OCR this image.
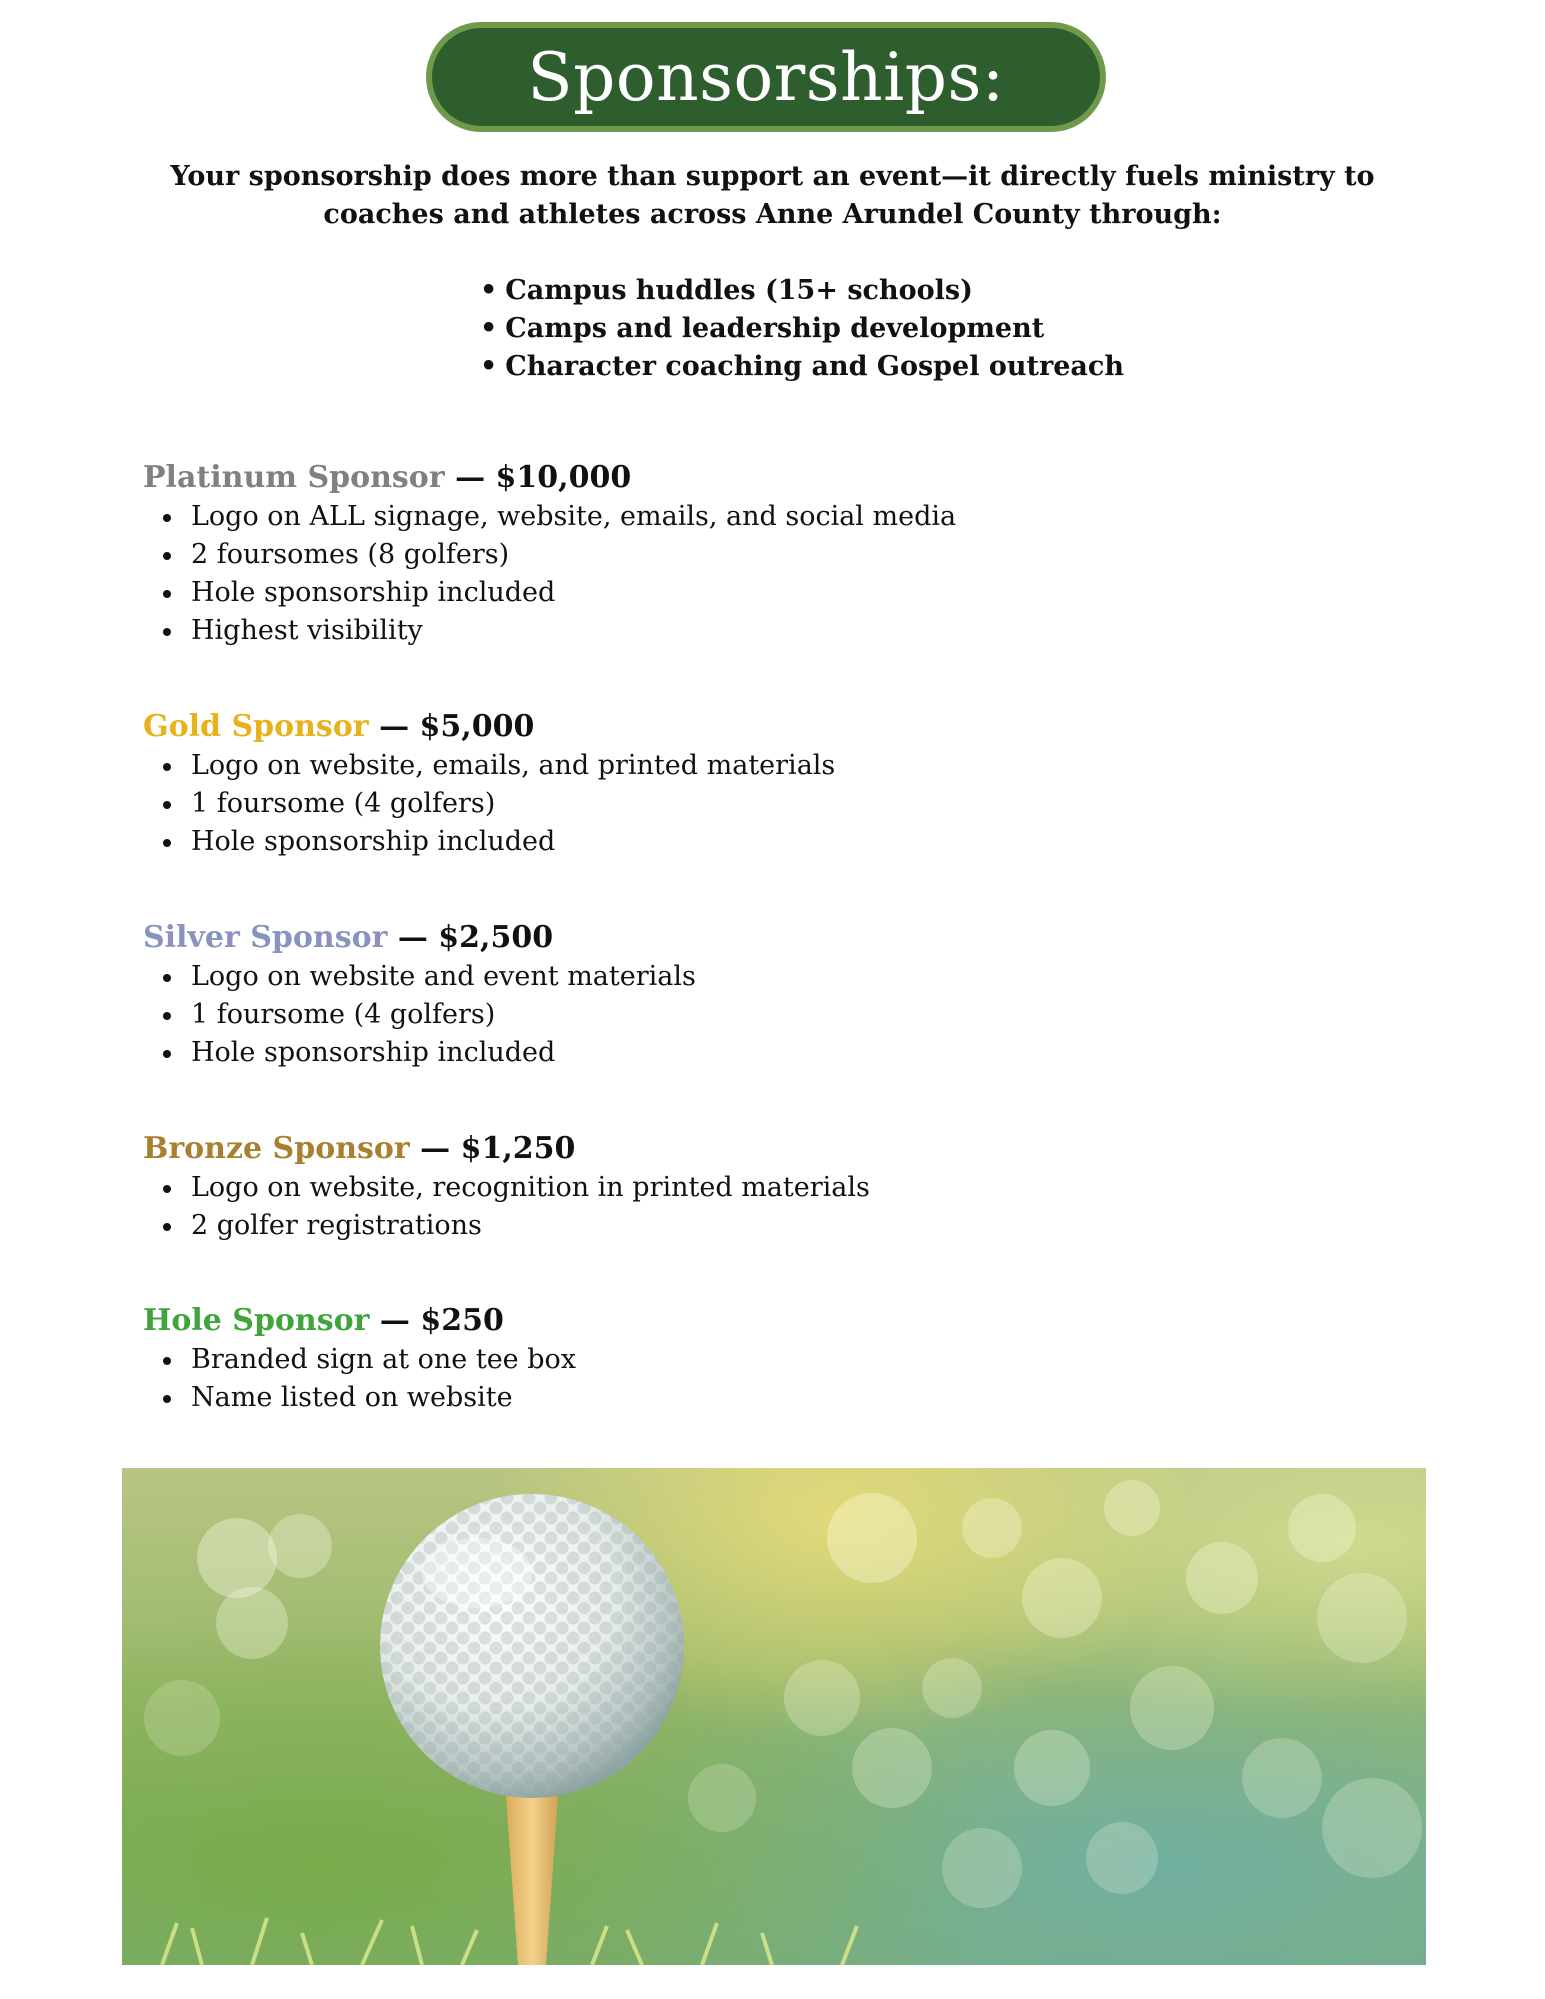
Sponsorships:
Your sponsorship does more than support an event—it directly fuels ministry to coaches and athletes across Anne Arundel County through:
• Campus huddles (15+ schools)
• Camps and leadership development
• Character coaching and Gospel outreach
Platinum Sponsor — $10,000
Logo on ALL signage, website, emails, and social media
2 foursomes (8 golfers)
Hole sponsorship included
Highest visibility
Gold Sponsor — $5,000
Logo on website, emails, and printed materials
1 foursome (4 golfers)
Hole sponsorship included
Silver Sponsor — $2,500
Logo on website and event materials
1 foursome (4 golfers)
Hole sponsorship included
Bronze Sponsor — $1,250
Logo on website, recognition in printed materials
2 golfer registrations
Hole Sponsor — $250
Branded sign at one tee box
Name listed on website
